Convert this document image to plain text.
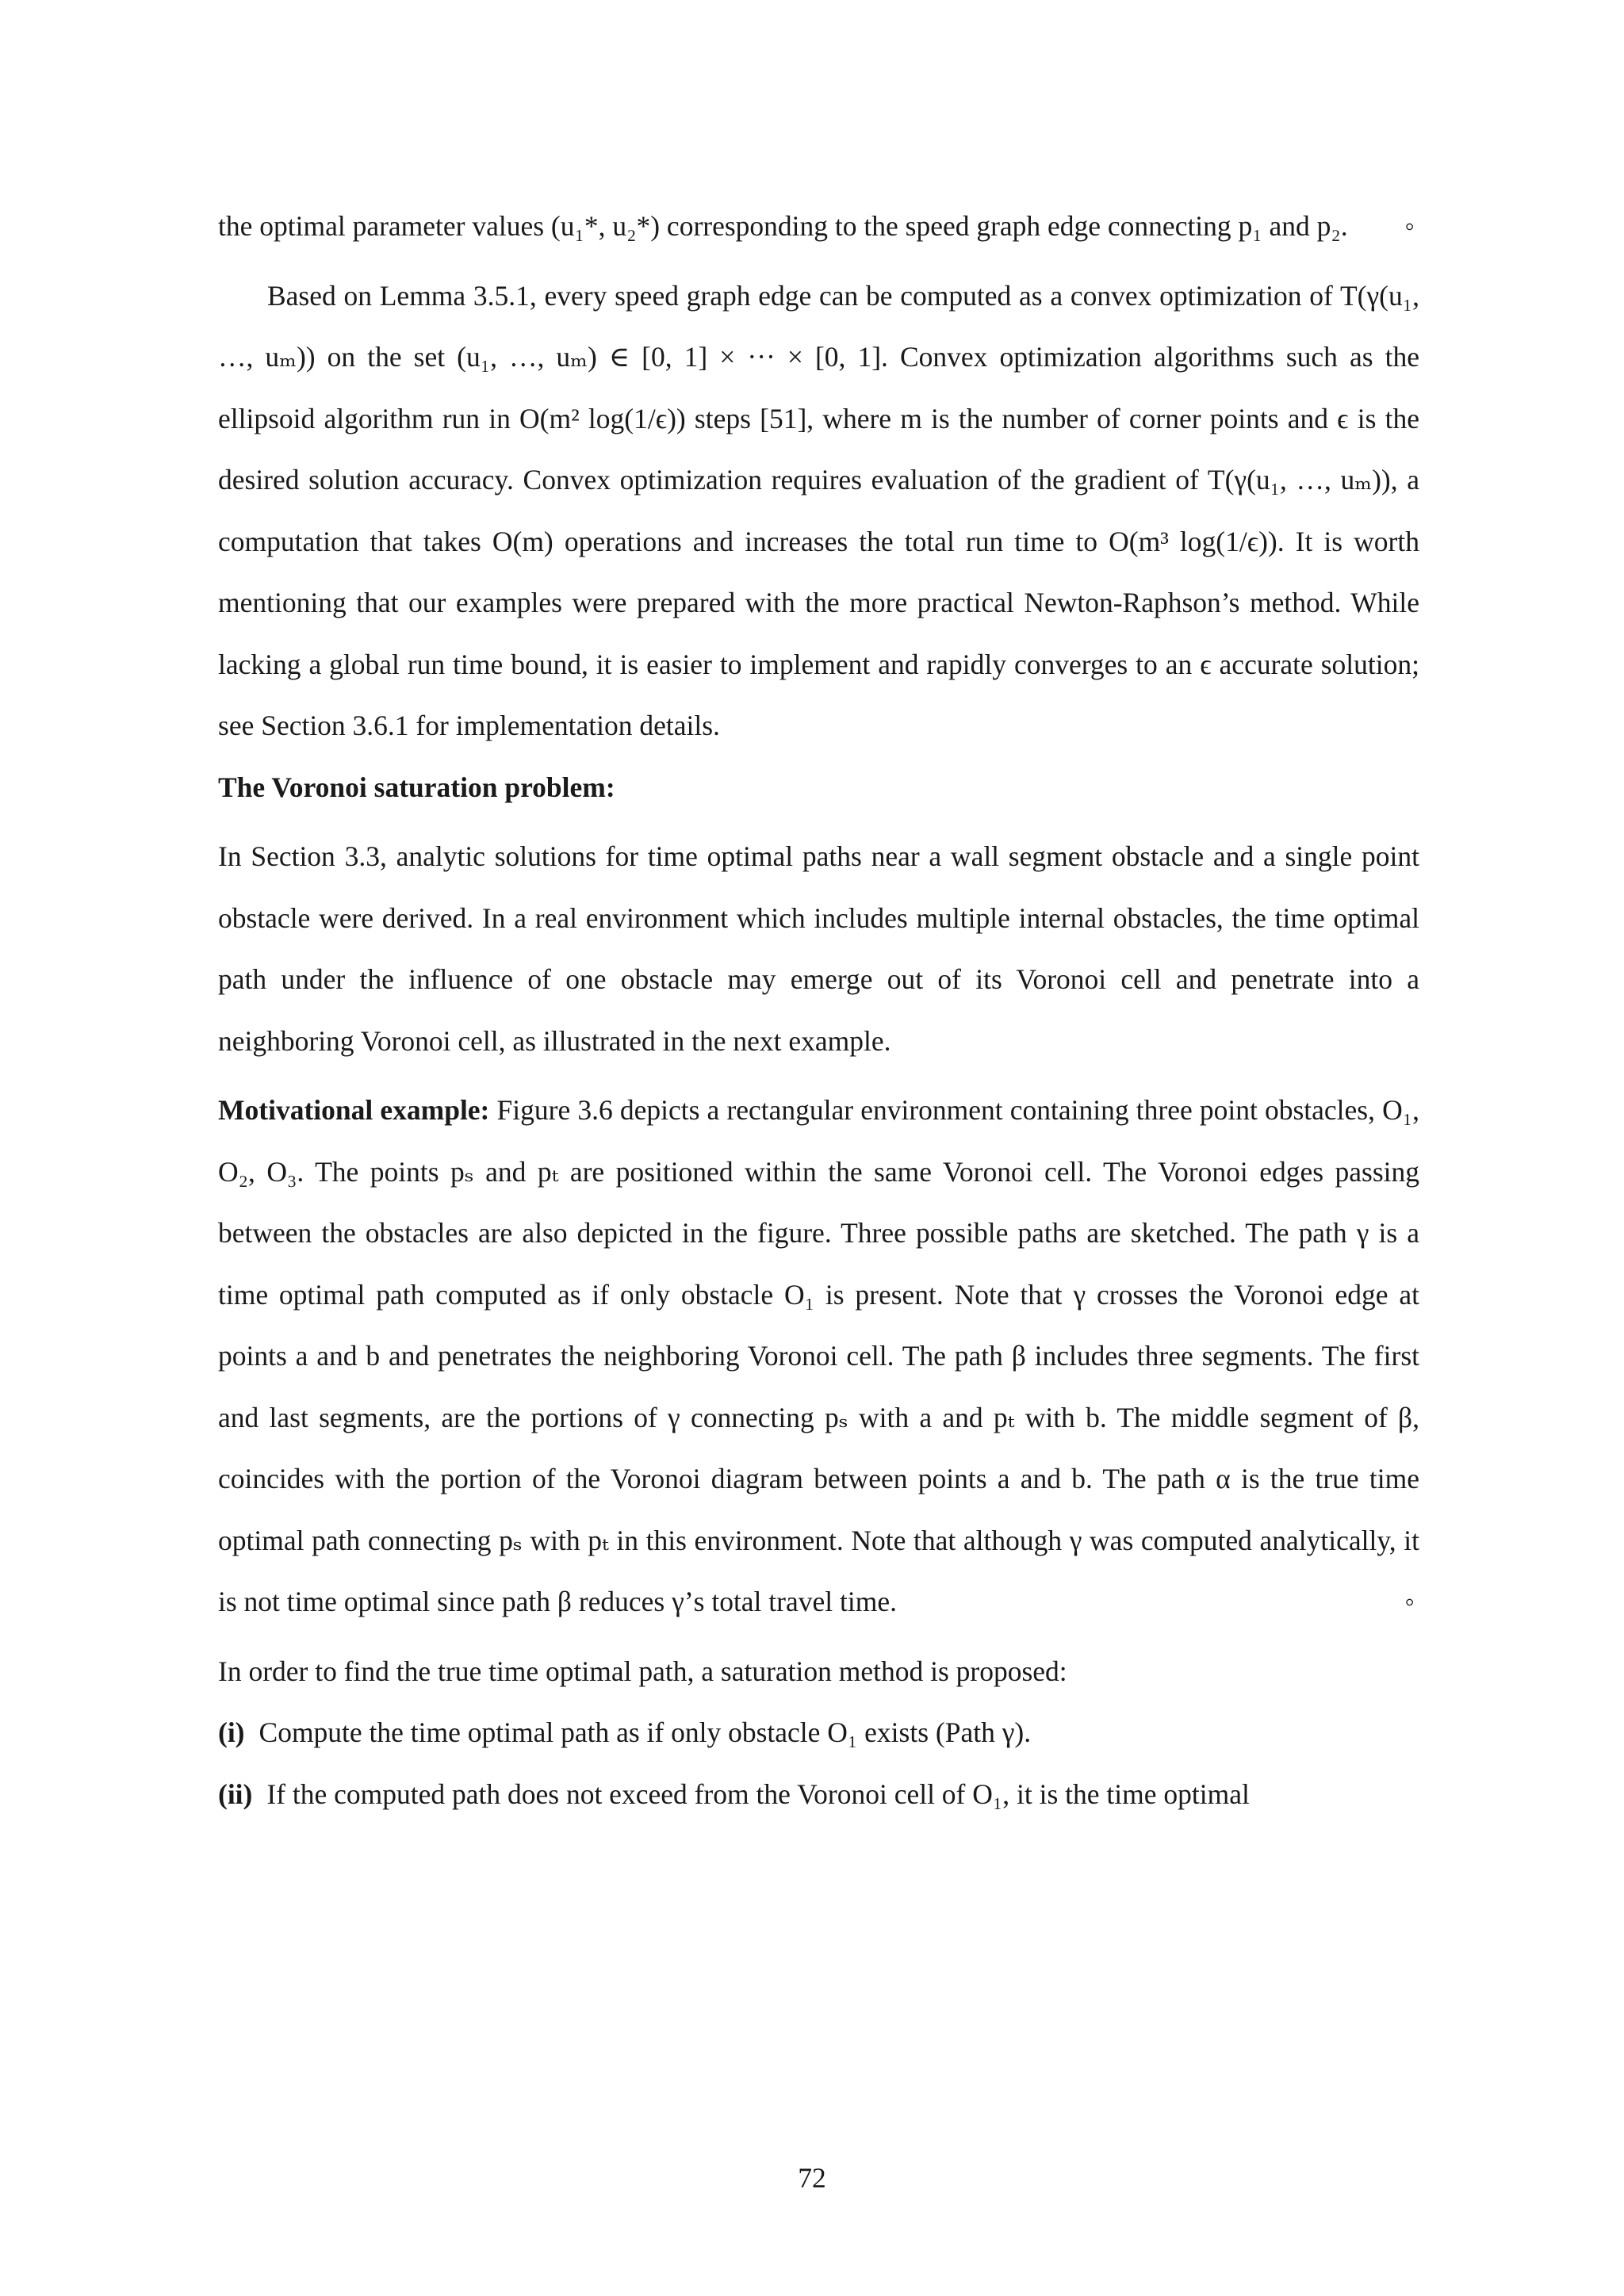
the optimal parameter values (u₁*, u₂*) corresponding to the speed graph edge connecting p₁ and p₂. ◦

Based on Lemma 3.5.1, every speed graph edge can be computed as a convex optimization of T(γ(u₁, …, uₘ)) on the set (u₁, …, uₘ) ∈ [0, 1] × ··· × [0, 1]. Convex optimization algorithms such as the ellipsoid algorithm run in O(m² log(1/ϵ)) steps [51], where m is the number of corner points and ϵ is the desired solution accuracy. Convex optimization requires evaluation of the gradient of T(γ(u₁, …, uₘ)), a computation that takes O(m) operations and increases the total run time to O(m³ log(1/ϵ)). It is worth mentioning that our examples were prepared with the more practical Newton-Raphson’s method. While lacking a global run time bound, it is easier to implement and rapidly converges to an ϵ accurate solution; see Section 3.6.1 for implementation details.

The Voronoi saturation problem:

In Section 3.3, analytic solutions for time optimal paths near a wall segment obstacle and a single point obstacle were derived. In a real environment which includes multiple internal obstacles, the time optimal path under the influence of one obstacle may emerge out of its Voronoi cell and penetrate into a neighboring Voronoi cell, as illustrated in the next example.

Motivational example: Figure 3.6 depicts a rectangular environment containing three point obstacles, O₁, O₂, O₃. The points pₛ and pₜ are positioned within the same Voronoi cell. The Voronoi edges passing between the obstacles are also depicted in the figure. Three possible paths are sketched. The path γ is a time optimal path computed as if only obstacle O₁ is present. Note that γ crosses the Voronoi edge at points a and b and penetrates the neighboring Voronoi cell. The path β includes three segments. The first and last segments, are the portions of γ connecting pₛ with a and pₜ with b. The middle segment of β, coincides with the portion of the Voronoi diagram between points a and b. The path α is the true time optimal path connecting pₛ with pₜ in this environment. Note that although γ was computed analytically, it is not time optimal since path β reduces γ’s total travel time.	◦

In order to find the true time optimal path, a saturation method is proposed:

(i) Compute the time optimal path as if only obstacle O₁ exists (Path γ).

(ii) If the computed path does not exceed from the Voronoi cell of O₁, it is the time optimal

72
